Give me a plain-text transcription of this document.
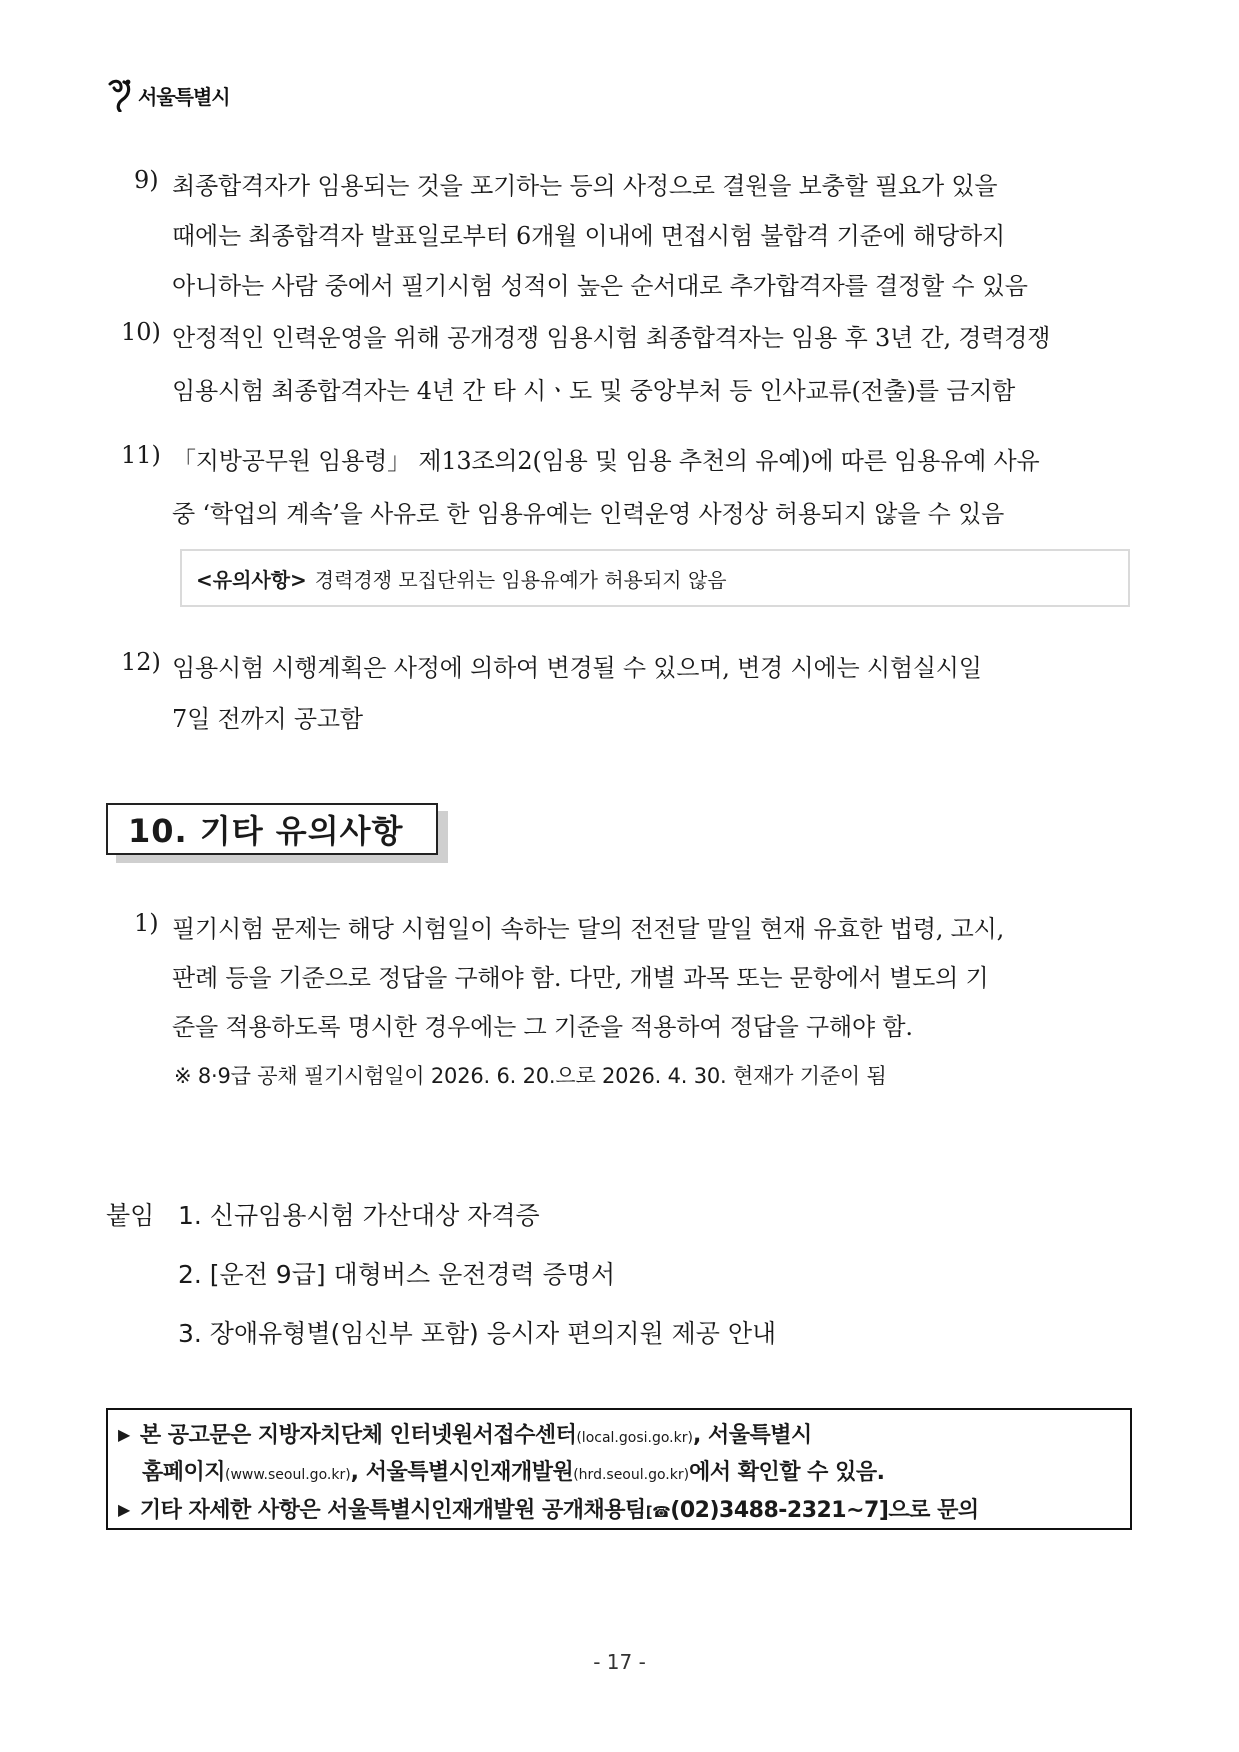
서울특별시
9) 최종합격자가 임용되는 것을 포기하는 등의 사정으로 결원을 보충할 필요가 있을
때에는 최종합격자 발표일로부터 6개월 이내에 면접시험 불합격 기준에 해당하지
아니하는 사람 중에서 필기시험 성적이 높은 순서대로 추가합격자를 결정할 수 있음
10) 안정적인 인력운영을 위해 공개경쟁 임용시험 최종합격자는 임용 후 3년 간, 경력경쟁
임용시험 최종합격자는 4년 간 타 시ㆍ도 및 중앙부처 등 인사교류(전출)를 금지함
11) 「지방공무원 임용령」 제13조의2(임용 및 임용 추천의 유예)에 따른 임용유예 사유
중 ‘학업의 계속’을 사유로 한 임용유예는 인력운영 사정상 허용되지 않을 수 있음
<유의사항> 경력경쟁 모집단위는 임용유예가 허용되지 않음
12) 임용시험 시행계획은 사정에 의하여 변경될 수 있으며, 변경 시에는 시험실시일
7일 전까지 공고함
10. 기타 유의사항
1) 필기시험 문제는 해당 시험일이 속하는 달의 전전달 말일 현재 유효한 법령, 고시,
판례 등을 기준으로 정답을 구해야 함. 다만, 개별 과목 또는 문항에서 별도의 기
준을 적용하도록 명시한 경우에는 그 기준을 적용하여 정답을 구해야 함.
※ 8·9급 공채 필기시험일이 2026. 6. 20.으로 2026. 4. 30. 현재가 기준이 됨
붙임 1. 신규임용시험 가산대상 자격증
2. [운전 9급] 대형버스 운전경력 증명서
3. 장애유형별(임신부 포함) 응시자 편의지원 제공 안내
▶ 본 공고문은 지방자치단체 인터넷원서접수센터(local.gosi.go.kr), 서울특별시
홈페이지(www.seoul.go.kr), 서울특별시인재개발원(hrd.seoul.go.kr)에서 확인할 수 있음.
▶ 기타 자세한 사항은 서울특별시인재개발원 공개채용팀[☎(02)3488-2321~7]으로 문의
- 17 -
